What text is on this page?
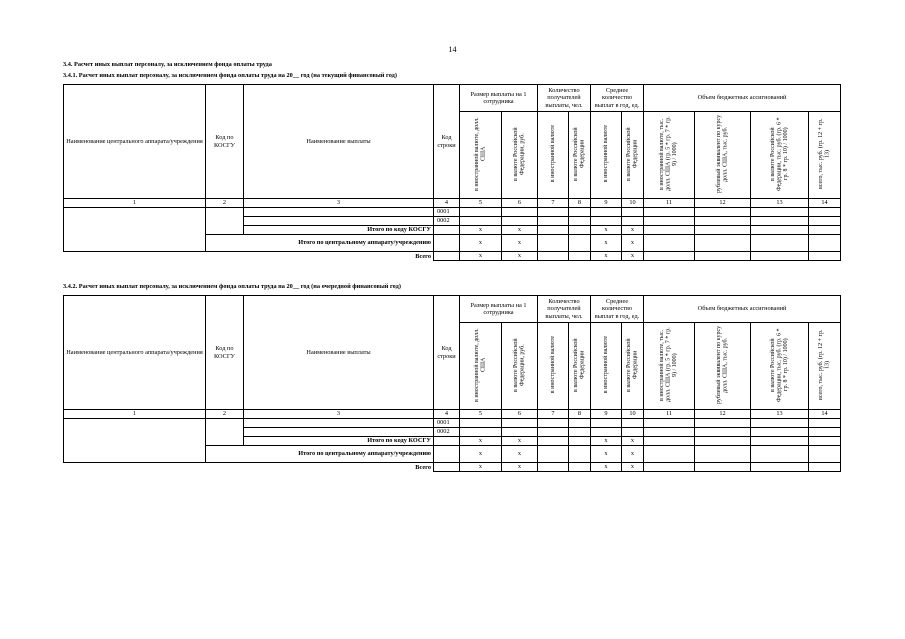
14
3.4. Расчет иных выплат персоналу, за исключением фонда оплаты труда
3.4.1. Расчет иных выплат персоналу, за исключением фонда оплаты труда на 20__ год (на текущий финансовый год)
Наименование центрального аппарата/учреждения	Код по КОСГУ	Наименование выплаты	Код строки	Размер выплаты на 1 сотрудника		Количество получателей выплаты, чел.		Среднее количество выплат в год, ед.		Объем бюджетных ассигнований			
				в иностранной валюте, долл. США	в валюте Российской Федерации, руб.	в иностранной валюте	в валюте Российской Федерации	в иностранной валюте	в валюте Российской Федерации	в иностранной валюте, тыс. долл. США (гр. 5 * гр. 7 * гр. 9) / 1000)	рублевый эквивалент по курсу долл. США, тыс. руб.	в валюте Российской Федерации, тыс. руб. (гр. 6 * гр. 8 * гр. 10) / 1000)	всего, тыс. руб. (гр. 12 + гр. 13)
1	2	3	4	5	6	7	8	9	10	11	12	13	14
			0001										
			0002										
		Итого по коду КОСГУ		x	x			x	x				
	Итого по центральному аппарату/учреждению			x	x			x	x				
Всего				x	x			x	x				
3.4.2. Расчет иных выплат персоналу, за исключением фонда оплаты труда на 20__ год (на очередной финансовый год)
Наименование центрального аппарата/учреждения	Код по КОСГУ	Наименование выплаты	Код строки	Размер выплаты на 1 сотрудника		Количество получателей выплаты, чел.		Среднее количество выплат в год, ед.		Объем бюджетных ассигнований			
				в иностранной валюте, долл. США	в валюте Российской Федерации, руб.	в иностранной валюте	в валюте Российской Федерации	в иностранной валюте	в валюте Российской Федерации	в иностранной валюте, тыс. долл. США (гр. 5 * гр. 7 * гр. 9) / 1000)	рублевый эквивалент по курсу долл. США, тыс. руб.	в валюте Российской Федерации, тыс. руб. (гр. 6 * гр. 8 * гр. 10) / 1000)	всего, тыс. руб. (гр. 12 + гр. 13)
1	2	3	4	5	6	7	8	9	10	11	12	13	14
			0001										
			0002										
		Итого по коду КОСГУ		x	x			x	x				
	Итого по центральному аппарату/учреждению			x	x			x	x				
Всего				x	x			x	x				
